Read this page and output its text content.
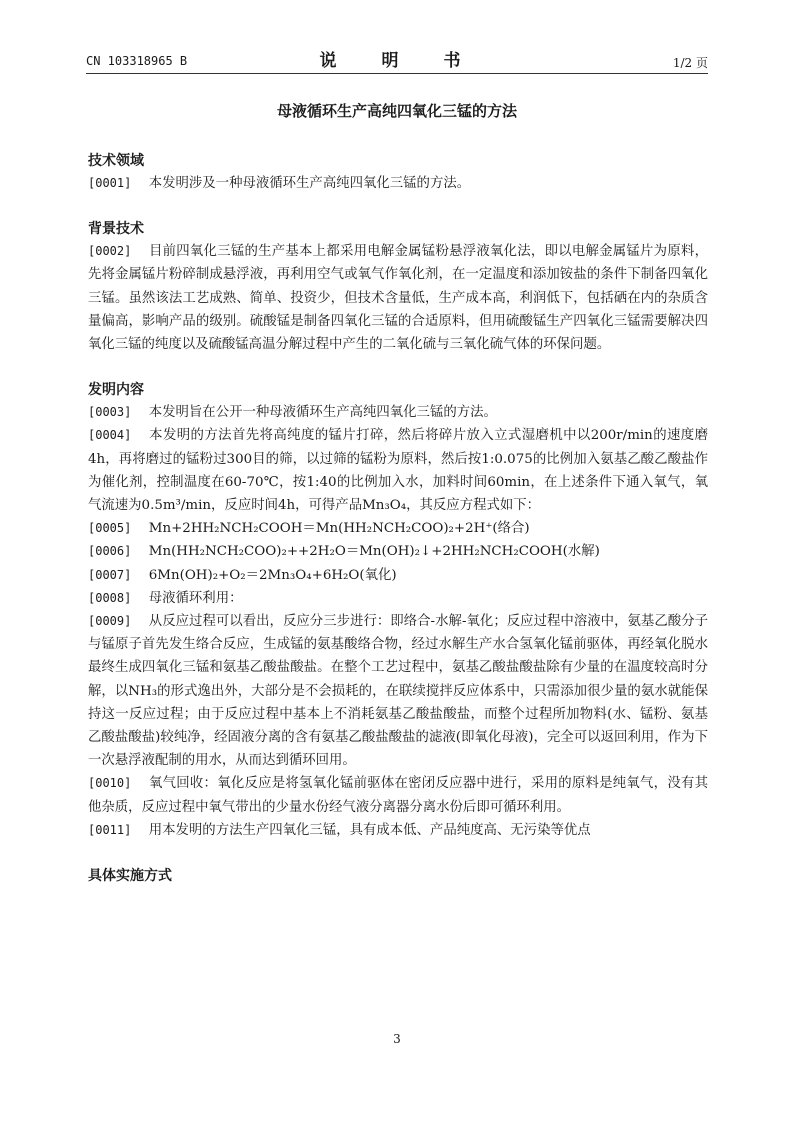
CN 103318965 B	说　明　书	1/2 页
母液循环生产高纯四氧化三锰的方法

技术领域

[0001]  本发明涉及一种母液循环生产高纯四氧化三锰的方法。

背景技术

[0002]  目前四氧化三锰的生产基本上都采用电解金属锰粉悬浮液氧化法，即以电解金属锰片为原料，先将金属锰片粉碎制成悬浮液，再利用空气或氧气作氧化剂，在一定温度和添加铵盐的条件下制备四氧化三锰。虽然该法工艺成熟、简单、投资少，但技术含量低，生产成本高，利润低下，包括硒在内的杂质含量偏高，影响产品的级别。硫酸锰是制备四氧化三锰的合适原料，但用硫酸锰生产四氧化三锰需要解决四氧化三锰的纯度以及硫酸锰高温分解过程中产生的二氧化硫与三氧化硫气体的环保问题。

发明内容

[0003]  本发明旨在公开一种母液循环生产高纯四氧化三锰的方法。

[0004]  本发明的方法首先将高纯度的锰片打碎，然后将碎片放入立式湿磨机中以200r/min的速度磨4h，再将磨过的锰粉过300目的筛，以过筛的锰粉为原料，然后按1:0.075的比例加入氨基乙酸乙酸盐作为催化剂，控制温度在60-70℃，按1:40的比例加入水，加料时间60min，在上述条件下通入氧气，氧气流速为0.5m³/min，反应时间4h，可得产品Mn₃O₄，其反应方程式如下：

[0005]  Mn+2HH₂NCH₂COOH＝Mn(HH₂NCH₂COO)₂+2H⁺(络合)

[0006]  Mn(HH₂NCH₂COO)₂++2H₂O＝Mn(OH)₂↓+2HH₂NCH₂COOH(水解)

[0007]  6Mn(OH)₂+O₂＝2Mn₃O₄+6H₂O(氧化)

[0008]  母液循环利用：

[0009]  从反应过程可以看出，反应分三步进行：即络合-水解-氧化；反应过程中溶液中，氨基乙酸分子与锰原子首先发生络合反应，生成锰的氨基酸络合物，经过水解生产水合氢氧化锰前驱体，再经氧化脱水最终生成四氧化三锰和氨基乙酸盐酸盐。在整个工艺过程中，氨基乙酸盐酸盐除有少量的在温度较高时分解，以NH₃的形式逸出外，大部分是不会损耗的，在联续搅拌反应体系中，只需添加很少量的氨水就能保持这一反应过程；由于反应过程中基本上不消耗氨基乙酸盐酸盐，而整个过程所加物料(水、锰粉、氨基乙酸盐酸盐)较纯净，经固液分离的含有氨基乙酸盐酸盐的滤液(即氧化母液)，完全可以返回利用，作为下一次悬浮液配制的用水，从而达到循环回用。

[0010]  氧气回收：氧化反应是将氢氧化锰前驱体在密闭反应器中进行，采用的原料是纯氧气，没有其他杂质，反应过程中氧气带出的少量水份经气液分离器分离水份后即可循环利用。

[0011]  用本发明的方法生产四氧化三锰，具有成本低、产品纯度高、无污染等优点

具体实施方式

3
